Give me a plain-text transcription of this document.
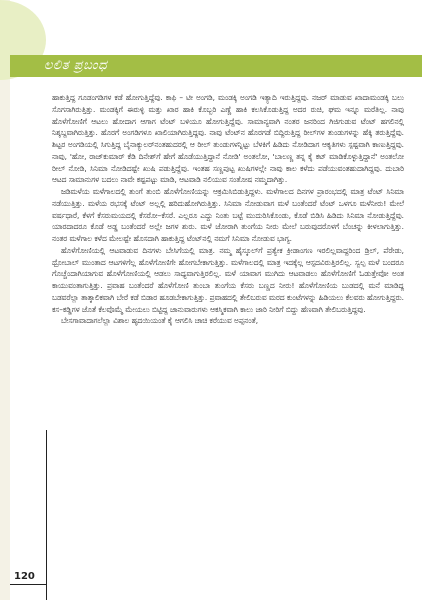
ಲಲಿತ ಪ್ರಬಂಧ

ಹಾಕುತ್ತಿದ್ದ ಗೂಡಂಗಡಿಗಳ ಕಡೆ ಹೋಗುತ್ತಿದ್ದೆವು. ಕಾಫಿ – ಟೀ ಅಂಗಡಿ, ಮಂಡಕ್ಕಿ ಅಂಗಡಿ ಇತ್ಯಾದಿ ಇರುತ್ತಿದ್ದವು. ನಜರ್ ಮಾಡುವ ಖಾದಾಮಂಡಕ್ಕಿ ಬಲು ಸೊಗಸಾಗಿರುತ್ತಿತ್ತು. ಮಂಡಕ್ಕಿಗೆ ಈರುಳ್ಳಿ ಮತ್ತು ಖಾರ ಹಾಕಿ ಕೊಬ್ಬರಿ ಎಣ್ಣೆ ಹಾಕಿ ಕಲಸಿಕೊಡುತ್ತಿದ್ದ ಅದರ ರುಚಿ, ಘಮ ಇನ್ನೂ ಮರೆತಿಲ್ಲ. ನಾವು ಹೊಳೆಗೋಣಿಗೆ ಆಟಲು ಹೋದಾಗ ಆಗಾಗ ಟೆಂಟ್ ಬಳಿಯೂ ಹೋಗುತ್ತಿದ್ದೆವು. ಸಾಮಾನ್ಯವಾಗಿ ನಂತರ ಜನರಿಂದ ಗಿಜಿಗುಡುವ ಟೆಂಟ್ ಹಗಲಿನಲ್ಲಿ ನಿಶ್ಶಬ್ದವಾಗಿರುತ್ತಿತ್ತು. ಹೊರಗೆ ಅಂಗಡಿಗಳೂ ಖಾಲಿಯಾಗಿರುತ್ತಿದ್ದವು. ನಾವು ಟೆಂಟ್‌ನ ಹೊರಗಡೆ ಬಿದ್ದಿರುತ್ತಿದ್ದ ರೀಲ್‌ಗಳ ತುಂಡುಗಳನ್ನು ಹೆಕ್ಕಿ ತರುತ್ತಿದ್ದೆವು. ಶಿಟ್ಟರ ಅಂಗಡಿಯಲ್ಲಿ ಸಿಗುತ್ತಿದ್ದ ಬೈನಾಕ್ಯುಲರ್‌ನಂತಹುದರಲ್ಲಿ ಆ ರೀಲ್ ತುಂಡುಗಳನ್ನಿಟ್ಟು ಬೆಳಕಿಗೆ ಹಿಡಿದು ನೋಡಿದಾಗ ಆಕೃತಿಗಳು ಸ್ಪಷ್ಟವಾಗಿ ಕಾಣುತ್ತಿದ್ದವು. ನಾವು, 'ಹೋ, ರಾಜ್‌ಕುಮಾರ್ ಕೆಡಿ ದಿನೇಶ್‌ಗೆ ಹೇಗೆ ಹೊಡೆಯುತ್ತಿದ್ದಾನೆ ನೋಡಿ' ಅಂತಲೋ, 'ಬಾಲಣ್ಣ ತನ್ನ ಕೈ ಕಟ್ ಮಾಡಿಕೊಳ್ಳುತ್ತಿದ್ದಾನೆ' ಅಂತಲೋ ರೀಲ್ ನೋಡಿ, ಸಿನಿಮಾ ನೋಡಿದಷ್ಟೇ ಖುಷಿ ಪಡುತ್ತಿದ್ದೆವು. ಇಂತಹ ಸಣ್ಣಪುಟ್ಟ ಖುಷಿಗಳಲ್ಲೇ ನಾವು ಕಾಲ ಕಳೆದು ಪಡೆಯುವಂತಹುದಾಗಿದ್ದವು. ದುಬಾರಿ ಆಟದ ಸಾಮಾನುಗಳ ಬದಲು ನಾವೇ ಕಷ್ಟಪಟ್ಟು ಮಾಡಿ, ಆಟವಾಡಿ ನಲಿಯುವ ಸಂತೋಷ ನಮ್ಮದಾಗಿತ್ತು.

ಜಡಿಮಳೆಯ ಮಳೆಗಾಲದಲ್ಲಿ ತುಂಗೆ ತುಂಬಿ ಹೊಳೆಗೋಣಿಯನ್ನು ಆಕ್ರಮಿಸಿಬಿಡುತ್ತಿದ್ದಳು. ಮಳೆಗಾಲದ ದಿನಗಳ ಪ್ರಾರಂಭದಲ್ಲಿ ಮಾತ್ರ ಟೆಂಟ್ ಸಿನಿಮಾ ನಡೆಯುತ್ತಿತ್ತು. ಮಳೆಯ ರಭಸಕ್ಕೆ ಟೆಂಟ್ ಅಲ್ಲಲ್ಲಿ ಹರಿದುಹೋಗಿರುತ್ತಿತ್ತು. ಸಿನಿಮಾ ನೋಡುವಾಗ ಮಳೆ ಬಂತೆಂದರೆ ಟೆಂಟ್ ಒಳಗೂ ಮಳೆನೀರು! ಮೇಲೆ ವರ್ಷಧಾರೆ, ಕೆಳಗೆ ಕೆಸರುಮಯದಲ್ಲಿ ಕೆಸರೋ–ಕೆಸರೆ. ಎಲ್ಲರೂ ಎದ್ದು ನಿಂತು ಬಟ್ಟೆ ಮುದುರಿಸಿಕೊಂಡು, ಕೊಡೆ ಬಿಡಿಸಿ ಹಿಡಿದು ಸಿನಿಮಾ ನೋಡುತ್ತಿದ್ದೆವು. ಯಾರದಾದರೂ ಕೊಡೆ ಅಡ್ಡ ಬಂತೆಂದರೆ ಅಲ್ಲೇ ಜಗಳ ಶುರು. ಮಳೆ ಜೋರಾಗಿ ತುಂಗೆಯ ನೀರು ಮೇಲೆ ಬರುವುದರೊಳಗೆ ಬೆಂಚನ್ನು ಕೀಳಲಾಗುತ್ತಿತ್ತು. ನಂತರ ಮಳೆಗಾಲ ಕಳೆದ ಮೇಲಷ್ಟೇ ಹೊಸದಾಗಿ ಹಾಕುತ್ತಿದ್ದ ಟೆಂಟ್‌ನಲ್ಲಿ ನಮಗೆ ಸಿನಿಮಾ ನೋಡುವ ಭಾಗ್ಯ.

ಹೊಳೆಗೋಣಿಯಲ್ಲಿ ಆಟವಾಡುವ ದಿನಗಳು ಬೇಸಿಗೆಯಲ್ಲಿ ಮಾತ್ರ. ನಮ್ಮ ಹೈಸ್ಕೂಲ್‌ಗೆ ಪ್ರತ್ಯೇಕ ಕ್ರೀಡಾಂಗಣ ಇರಲಿಲ್ಲವಾದ್ದರಿಂದ ಡ್ರಿಲ್, ಪೆರೇಡು, ಥ್ರೋಬಾಲ್ ಮುಂತಾದ ಆಟಗಳಿಗೆಲ್ಲ ಹೊಳೆಗೋಣಿಗೇ ಹೋಗಬೇಕಾಗುತ್ತಿತ್ತು. ಮಳೆಗಾಲದಲ್ಲಿ ಮಾತ್ರ ಇದಕ್ಕೆಲ್ಲ ಆಸ್ಪದವಿರುತ್ತಿರಲಿಲ್ಲ. ಸ್ವಲ್ಪ ಮಳೆ ಬಂದರೂ ಗೊಚ್ಚೆಂದಾಗಿಯಾಗುವ ಹೊಳೆಗೋಣಿಯಲ್ಲಿ ಆಡಲು ಸಾಧ್ಯವಾಗುತ್ತಿರಲಿಲ್ಲ. ಮಳೆ ಯಾವಾಗ ಮುಗಿದು ಆಟವಾಡಲು ಹೊಳೆಗೋಣಿಗೆ ಓಡುತ್ತೇವೋ ಅಂತ ಕಾಯುವಂತಾಗುತ್ತಿತ್ತು. ಪ್ರವಾಹ ಬಂತೆಂದರೆ ಹೊಳೆಗೋಣಿ ತುಂಬಾ ತುಂಗೆಯ ಕೆಸರು ಬಣ್ಣದ ನೀರು! ಹೊಳೆಗೋಣಿಯ ಬುಡದಲ್ಲಿ ಮನೆ ಮಾಡಿದ್ದ ಬಡವರೆಲ್ಲಾ ತಾತ್ಕಾಲಿಕವಾಗಿ ಬೇರೆ ಕಡೆ ಬಿಡಾರ ಹೂಡಬೇಕಾಗುತ್ತಿತ್ತು. ಪ್ರವಾಹದಲ್ಲಿ ತೇಲಿಬರುವ ಮರದ ಕುಂಟೆಗಳನ್ನು ಹಿಡಿಯಲು ಕೆಲವರು ಹೋಗುತ್ತಿದ್ದರು. ಕಸ–ಕಡ್ಡಿಗಳ ಜೊತೆ ಕೆಲವೊಮ್ಮೆ ಮೇಯಲು ಬಿಟ್ಟಿದ್ದ ಜಾನುವಾರುಗಳು ಆಕಸ್ಮಿಕವಾಗಿ ಕಾಲು ಜಾರಿ ನೀರಿಗೆ ಬಿದ್ದು ಹೆಣವಾಗಿ ತೇಲಿಬರುತ್ತಿದ್ದವು.

ಬೇಸಗಾವಾದಾಗಲೆಲ್ಲಾ ವಿಶಾಲ ಹೃದಯಿಯಂತೆ ಕೈ ಆಗಲಿಸಿ ಚಾಚಿ ಕರೆಯುವ ಅಪ್ಪನಂತೆ,

120
